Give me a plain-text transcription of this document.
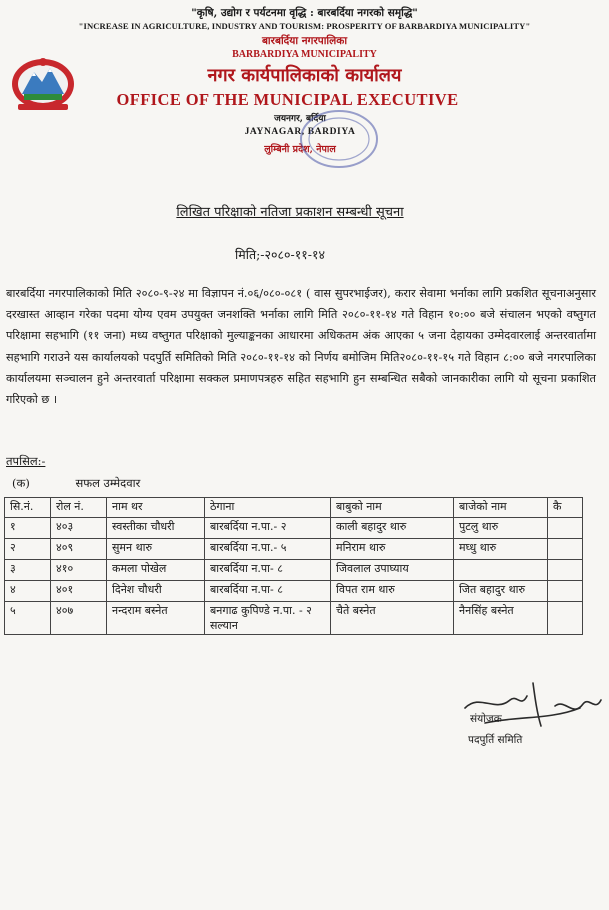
"कृषि, उद्योग र पर्यटनमा वृद्धि : बारबर्दिया नगरको समृद्धि"
"INCREASE IN AGRICULTURE, INDUSTRY AND TOURISM: PROSPERITY OF BARBARDIYA MUNICIPALITY"
बारबर्दिया नगरपालिका
BARBARDIYA MUNICIPALITY
नगर कार्यपालिकाको कार्यालय
OFFICE OF THE MUNICIPAL EXECUTIVE
जयनगर, बर्दिया
JAYNAGAR, BARDIYA
लुम्बिनी प्रदेश, नेपाल
लिखित परिक्षाको नतिजा प्रकाशन सम्बन्धी सूचना
मिति;-२०८०-११-१४
बारबर्दिया नगरपालिकाको मिति २०८०-९-२४ मा विज्ञापन नं.०६/०८०-०८१ ( वास सुपरभाईजर), करार सेवामा भर्नाका लागि प्रकशित सूचनाअनुसार दरखास्त आव्हान गरेका पदमा योग्य एवम उपयुक्त जनशक्ति भर्नाका लागि मिति २०८०-११-१४ गते विहान १०:०० बजे संचालन भएको वष्तुगत परिक्षामा सहभागि (११ जना) मध्य वष्तुगत परिक्षाको मुल्याङ्कनका आधारमा अधिकतम अंक आएका ५ जना देहायका उम्मेदवारलाई अन्तरवार्तामा सहभागि गराउने यस कार्यालयको पदपुर्ति समितिको मिति २०८०-११-१४ को निर्णय बमोजिम मिति२०८०-११-१५ गते विहान ८:०० बजे नगरपालिका कार्यालयमा सञ्चालन हुने अन्तरवार्ता परिक्षामा सक्कल प्रमाणपत्रहरु सहित सहभागि हुन सम्बन्धित सबैको जानकारीका लागि यो सूचना प्रकाशित गरिएको छ ।
तपसिल:-
(क)	सफल उम्मेदवार
सि.नं.	रोल नं.	नाम थर	ठेगाना	बाबुको नाम	बाजेको नाम	कै
१	४०३	स्वस्तीका चौधरी	बारबर्दिया न.पा.- २	काली बहादुर थारु	पुटलु थारु	
२	४०९	सुमन थारु	बारबर्दिया न.पा.- ५	मनिराम थारु	मघ्धु थारु	
३	४१०	कमला पोखेल	बारबर्दिया न.पा- ८	जिवलाल उपाघ्याय		
४	४०१	दिनेश चौधरी	बारबर्दिया न.पा- ८	विपत राम थारु	जित बहादुर थारु	
५	४०७	नन्दराम बस्नेत	बनगाढ कुपिण्डे न.पा. - २ सल्यान	चैते बस्नेत	नैनसिंह बस्नेत	
संयोजक
पदपुर्ति समिति
